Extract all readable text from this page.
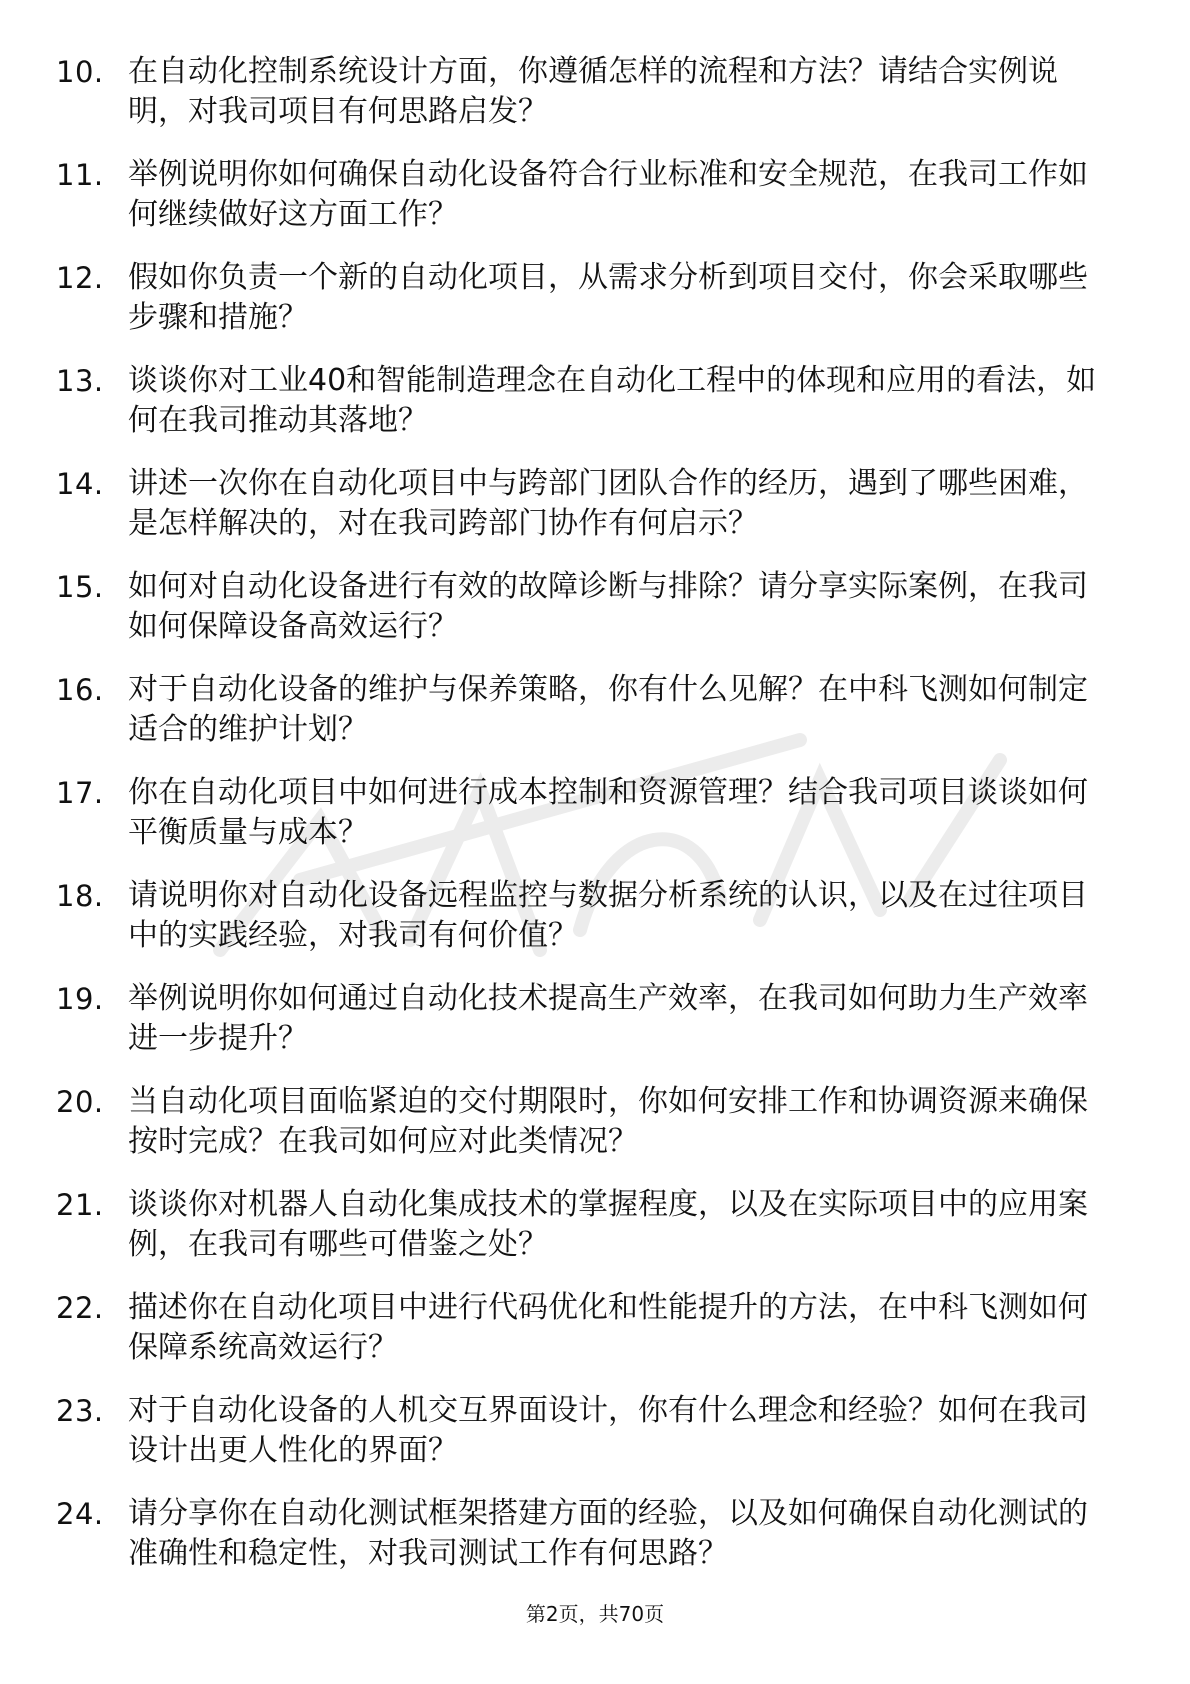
10. 在自动化控制系统设计方面，你遵循怎样的流程和方法？请结合实例说明，对我司项目有何思路启发？
11. 举例说明你如何确保自动化设备符合行业标准和安全规范，在我司工作如何继续做好这方面工作？
12. 假如你负责一个新的自动化项目，从需求分析到项目交付，你会采取哪些步骤和措施？
13. 谈谈你对工业40和智能制造理念在自动化工程中的体现和应用的看法，如何在我司推动其落地？
14. 讲述一次你在自动化项目中与跨部门团队合作的经历，遇到了哪些困难，是怎样解决的，对在我司跨部门协作有何启示？
15. 如何对自动化设备进行有效的故障诊断与排除？请分享实际案例，在我司如何保障设备高效运行？
16. 对于自动化设备的维护与保养策略，你有什么见解？在中科飞测如何制定适合的维护计划？
17. 你在自动化项目中如何进行成本控制和资源管理？结合我司项目谈谈如何平衡质量与成本？
18. 请说明你对自动化设备远程监控与数据分析系统的认识，以及在过往项目中的实践经验，对我司有何价值？
19. 举例说明你如何通过自动化技术提高生产效率，在我司如何助力生产效率进一步提升？
20. 当自动化项目面临紧迫的交付期限时，你如何安排工作和协调资源来确保按时完成？在我司如何应对此类情况？
21. 谈谈你对机器人自动化集成技术的掌握程度，以及在实际项目中的应用案例，在我司有哪些可借鉴之处？
22. 描述你在自动化项目中进行代码优化和性能提升的方法，在中科飞测如何保障系统高效运行？
23. 对于自动化设备的人机交互界面设计，你有什么理念和经验？如何在我司设计出更人性化的界面？
24. 请分享你在自动化测试框架搭建方面的经验，以及如何确保自动化测试的准确性和稳定性，对我司测试工作有何思路？
第2页，共70页
